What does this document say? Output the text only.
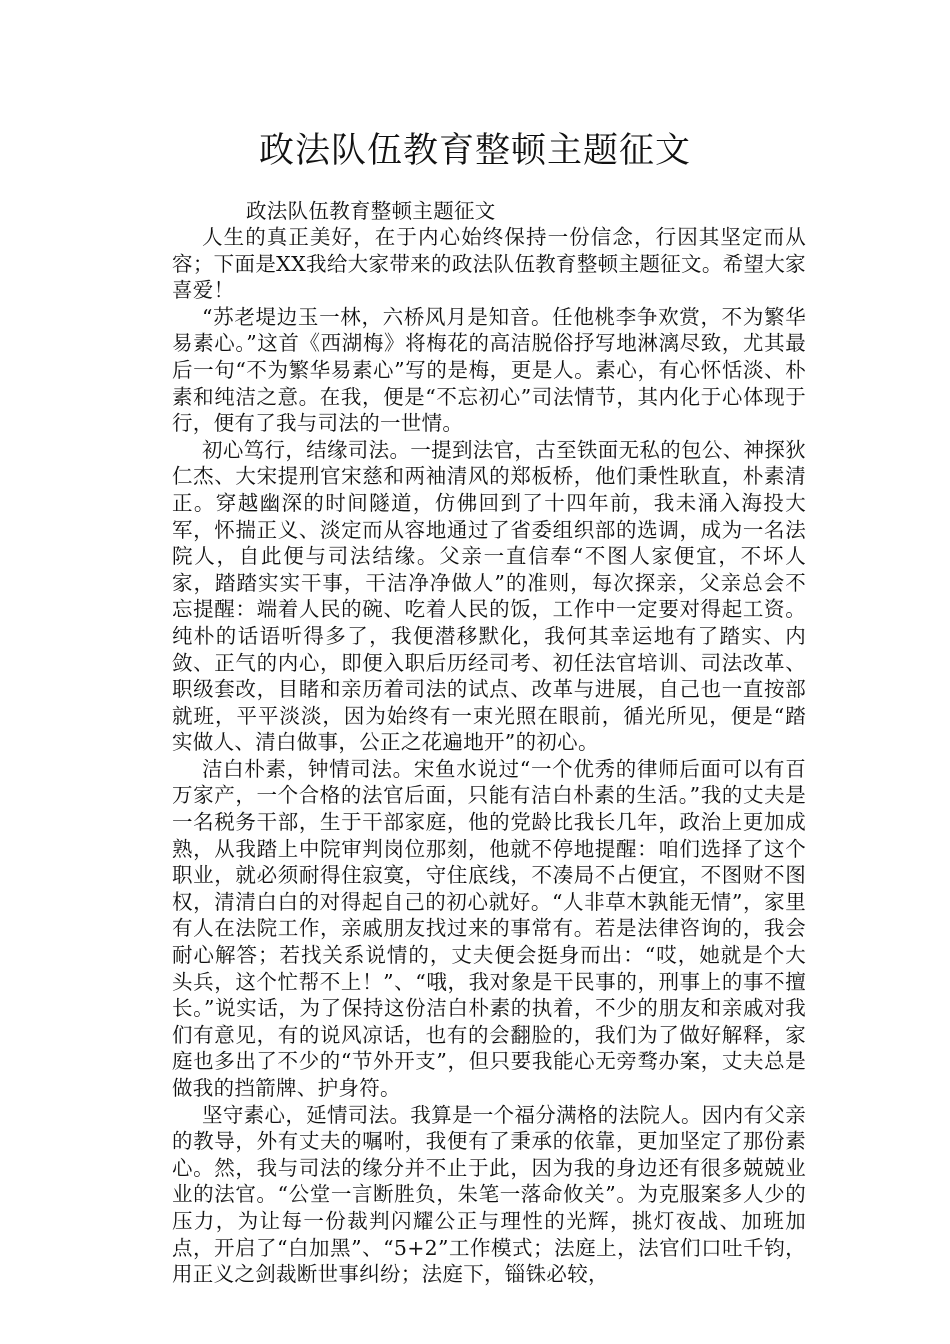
政法队伍教育整顿主题征文

政法队伍教育整顿主题征文

人生的真正美好，在于内心始终保持一份信念，行因其坚定而从容；下面是XX我给大家带来的政法队伍教育整顿主题征文。希望大家喜爱！

“苏老堤边玉一林，六桥风月是知音。任他桃李争欢赏，不为繁华易素心。”这首《西湖梅》将梅花的高洁脱俗抒写地淋漓尽致，尤其最后一句“不为繁华易素心”写的是梅，更是人。素心，有心怀恬淡、朴素和纯洁之意。在我，便是“不忘初心”司法情节，其内化于心体现于行，便有了我与司法的一世情。

初心笃行，结缘司法。一提到法官，古至铁面无私的包公、神探狄仁杰、大宋提刑官宋慈和两袖清风的郑板桥，他们秉性耿直，朴素清正。穿越幽深的时间隧道，仿佛回到了十四年前，我未涌入海投大军，怀揣正义、淡定而从容地通过了省委组织部的选调，成为一名法院人，自此便与司法结缘。父亲一直信奉“不图人家便宜，不坏人家，踏踏实实干事，干洁净净做人”的准则，每次探亲，父亲总会不忘提醒：端着人民的碗、吃着人民的饭，工作中一定要对得起工资。纯朴的话语听得多了，我便潜移默化，我何其幸运地有了踏实、内敛、正气的内心，即便入职后历经司考、初任法官培训、司法改革、职级套改，目睹和亲历着司法的试点、改革与进展，自己也一直按部就班，平平淡淡，因为始终有一束光照在眼前，循光所见，便是“踏实做人、清白做事，公正之花遍地开”的初心。

洁白朴素，钟情司法。宋鱼水说过“一个优秀的律师后面可以有百万家产，一个合格的法官后面，只能有洁白朴素的生活。”我的丈夫是一名税务干部，生于干部家庭，他的党龄比我长几年，政治上更加成熟，从我踏上中院审判岗位那刻，他就不停地提醒：咱们选择了这个职业，就必须耐得住寂寞，守住底线，不凑局不占便宜，不图财不图权，清清白白的对得起自己的初心就好。“人非草木孰能无情”，家里有人在法院工作，亲戚朋友找过来的事常有。若是法律咨询的，我会耐心解答；若找关系说情的，丈夫便会挺身而出：“哎，她就是个大头兵，这个忙帮不上！”、“哦，我对象是干民事的，刑事上的事不擅长。”说实话，为了保持这份洁白朴素的执着，不少的朋友和亲戚对我们有意见，有的说风凉话，也有的会翻脸的，我们为了做好解释，家庭也多出了不少的“节外开支”，但只要我能心无旁骛办案，丈夫总是做我的挡箭牌、护身符。

坚守素心，延情司法。我算是一个福分满格的法院人。因内有父亲的教导，外有丈夫的嘱咐，我便有了秉承的依靠，更加坚定了那份素心。然，我与司法的缘分并不止于此，因为我的身边还有很多兢兢业业的法官。“公堂一言断胜负，朱笔一落命攸关”。为克服案多人少的压力，为让每一份裁判闪耀公正与理性的光辉，挑灯夜战、加班加点，开启了“白加黑”、“5+2”工作模式；法庭上，法官们口吐千钧，用正义之剑裁断世事纠纷；法庭下，锱铢必较，
